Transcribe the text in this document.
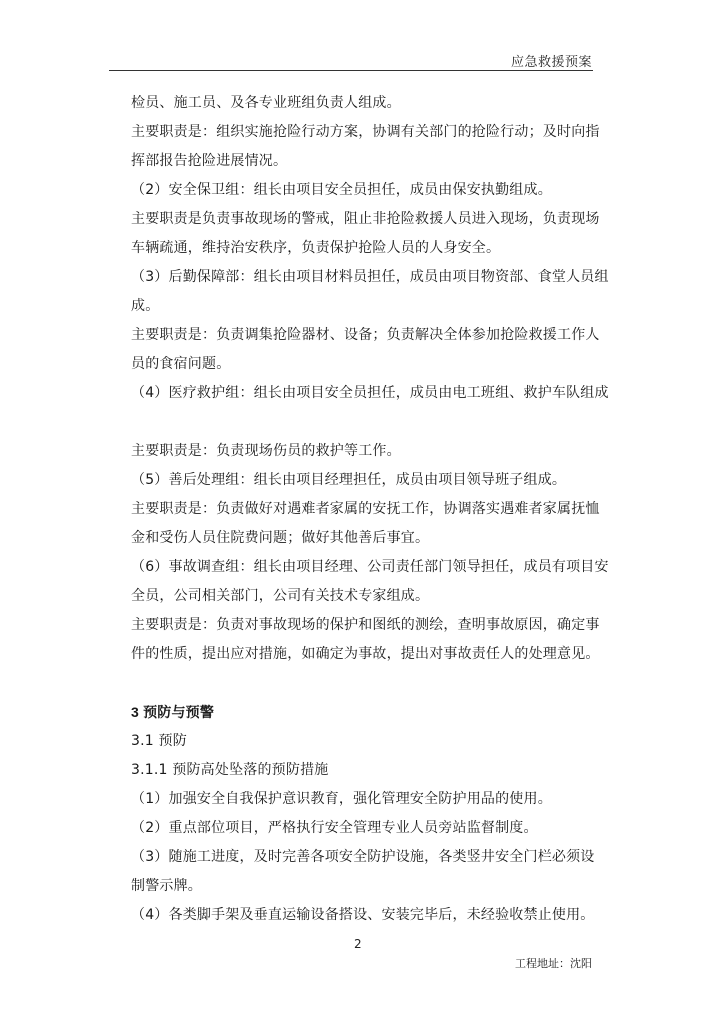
应急救援预案
检员、施工员、及各专业班组负责人组成。
主要职责是：组织实施抢险行动方案，协调有关部门的抢险行动；及时向指
挥部报告抢险进展情况。
（2）安全保卫组：组长由项目安全员担任，成员由保安执勤组成。
主要职责是负责事故现场的警戒，阻止非抢险救援人员进入现场，负责现场
车辆疏通，维持治安秩序，负责保护抢险人员的人身安全。
（3）后勤保障部：组长由项目材料员担任，成员由项目物资部、食堂人员组
成。
主要职责是：负责调集抢险器材、设备；负责解决全体参加抢险救援工作人
员的食宿问题。
（4）医疗救护组：组长由项目安全员担任，成员由电工班组、救护车队组成
主要职责是：负责现场伤员的救护等工作。
（5）善后处理组：组长由项目经理担任，成员由项目领导班子组成。
主要职责是：负责做好对遇难者家属的安抚工作，协调落实遇难者家属抚恤
金和受伤人员住院费问题；做好其他善后事宜。
（6）事故调查组：组长由项目经理、公司责任部门领导担任，成员有项目安
全员，公司相关部门，公司有关技术专家组成。
主要职责是：负责对事故现场的保护和图纸的测绘，查明事故原因，确定事
件的性质，提出应对措施，如确定为事故，提出对事故责任人的处理意见。
3 预防与预警
3.1 预防
3.1.1 预防高处坠落的预防措施
（1）加强安全自我保护意识教育，强化管理安全防护用品的使用。
（2）重点部位项目，严格执行安全管理专业人员旁站监督制度。
（3）随施工进度，及时完善各项安全防护设施，各类竖井安全门栏必须设
制警示牌。
（4）各类脚手架及垂直运输设备搭设、安装完毕后，未经验收禁止使用。
2
工程地址：沈阳
